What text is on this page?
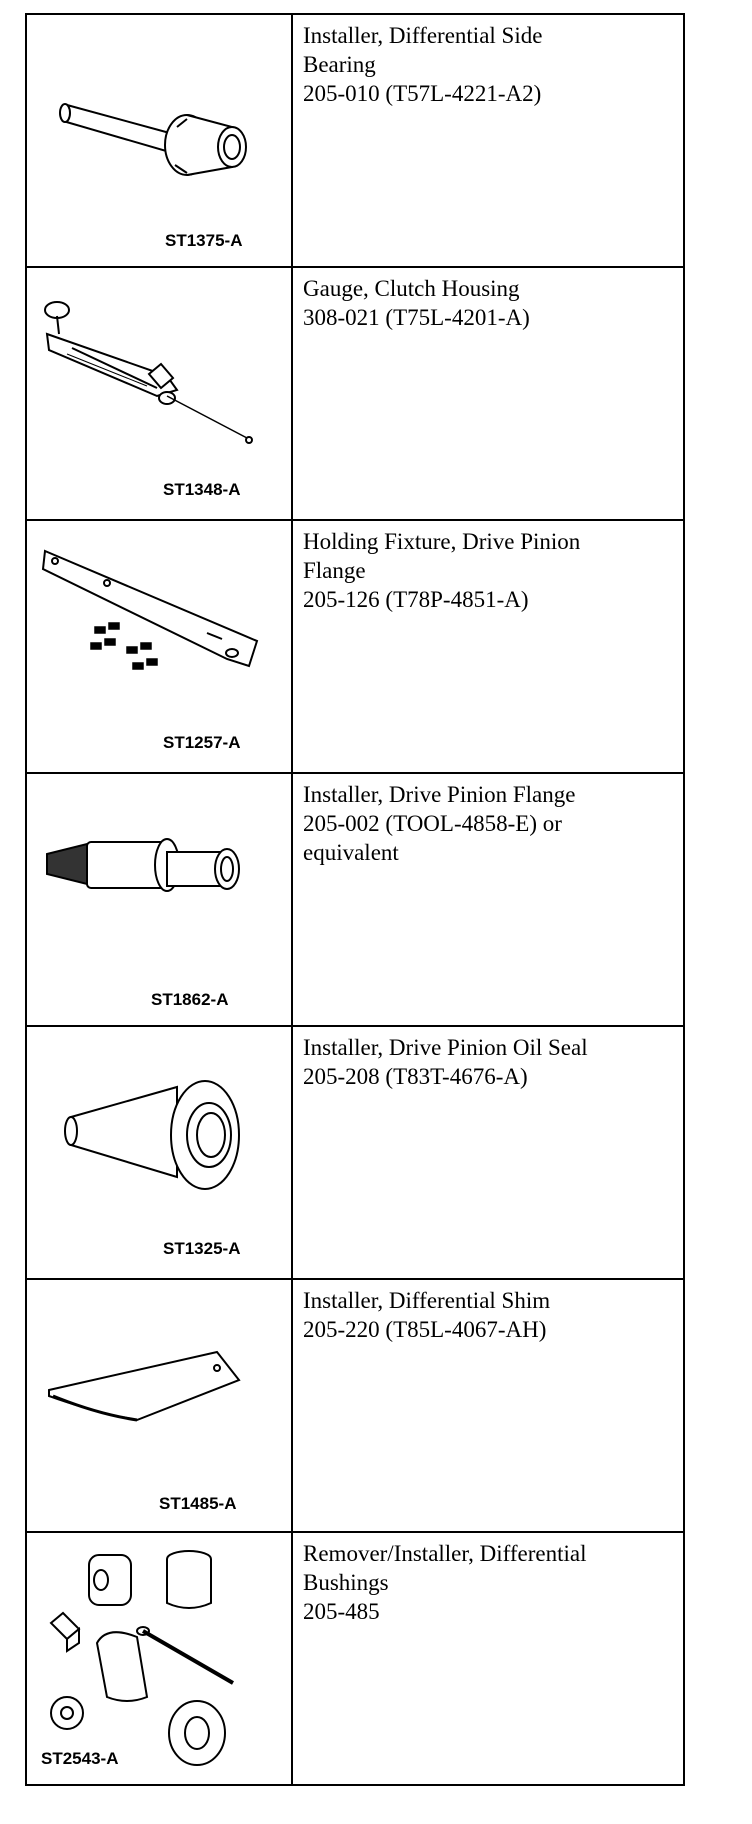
ST1375-A	Installer, Differential Side
Bearing
205-010 (T57L-4221-A2)

ST1348-A	Gauge, Clutch Housing
308-021 (T75L-4201-A)

ST1257-A	Holding Fixture, Drive Pinion
Flange
205-126 (T78P-4851-A)

ST1862-A	Installer, Drive Pinion Flange
205-002 (TOOL-4858-E) or
equivalent

ST1325-A	Installer, Drive Pinion Oil Seal
205-208 (T83T-4676-A)

ST1485-A	Installer, Differential Shim
205-220 (T85L-4067-AH)

ST2543-A	Remover/Installer, Differential
Bushings
205-485
